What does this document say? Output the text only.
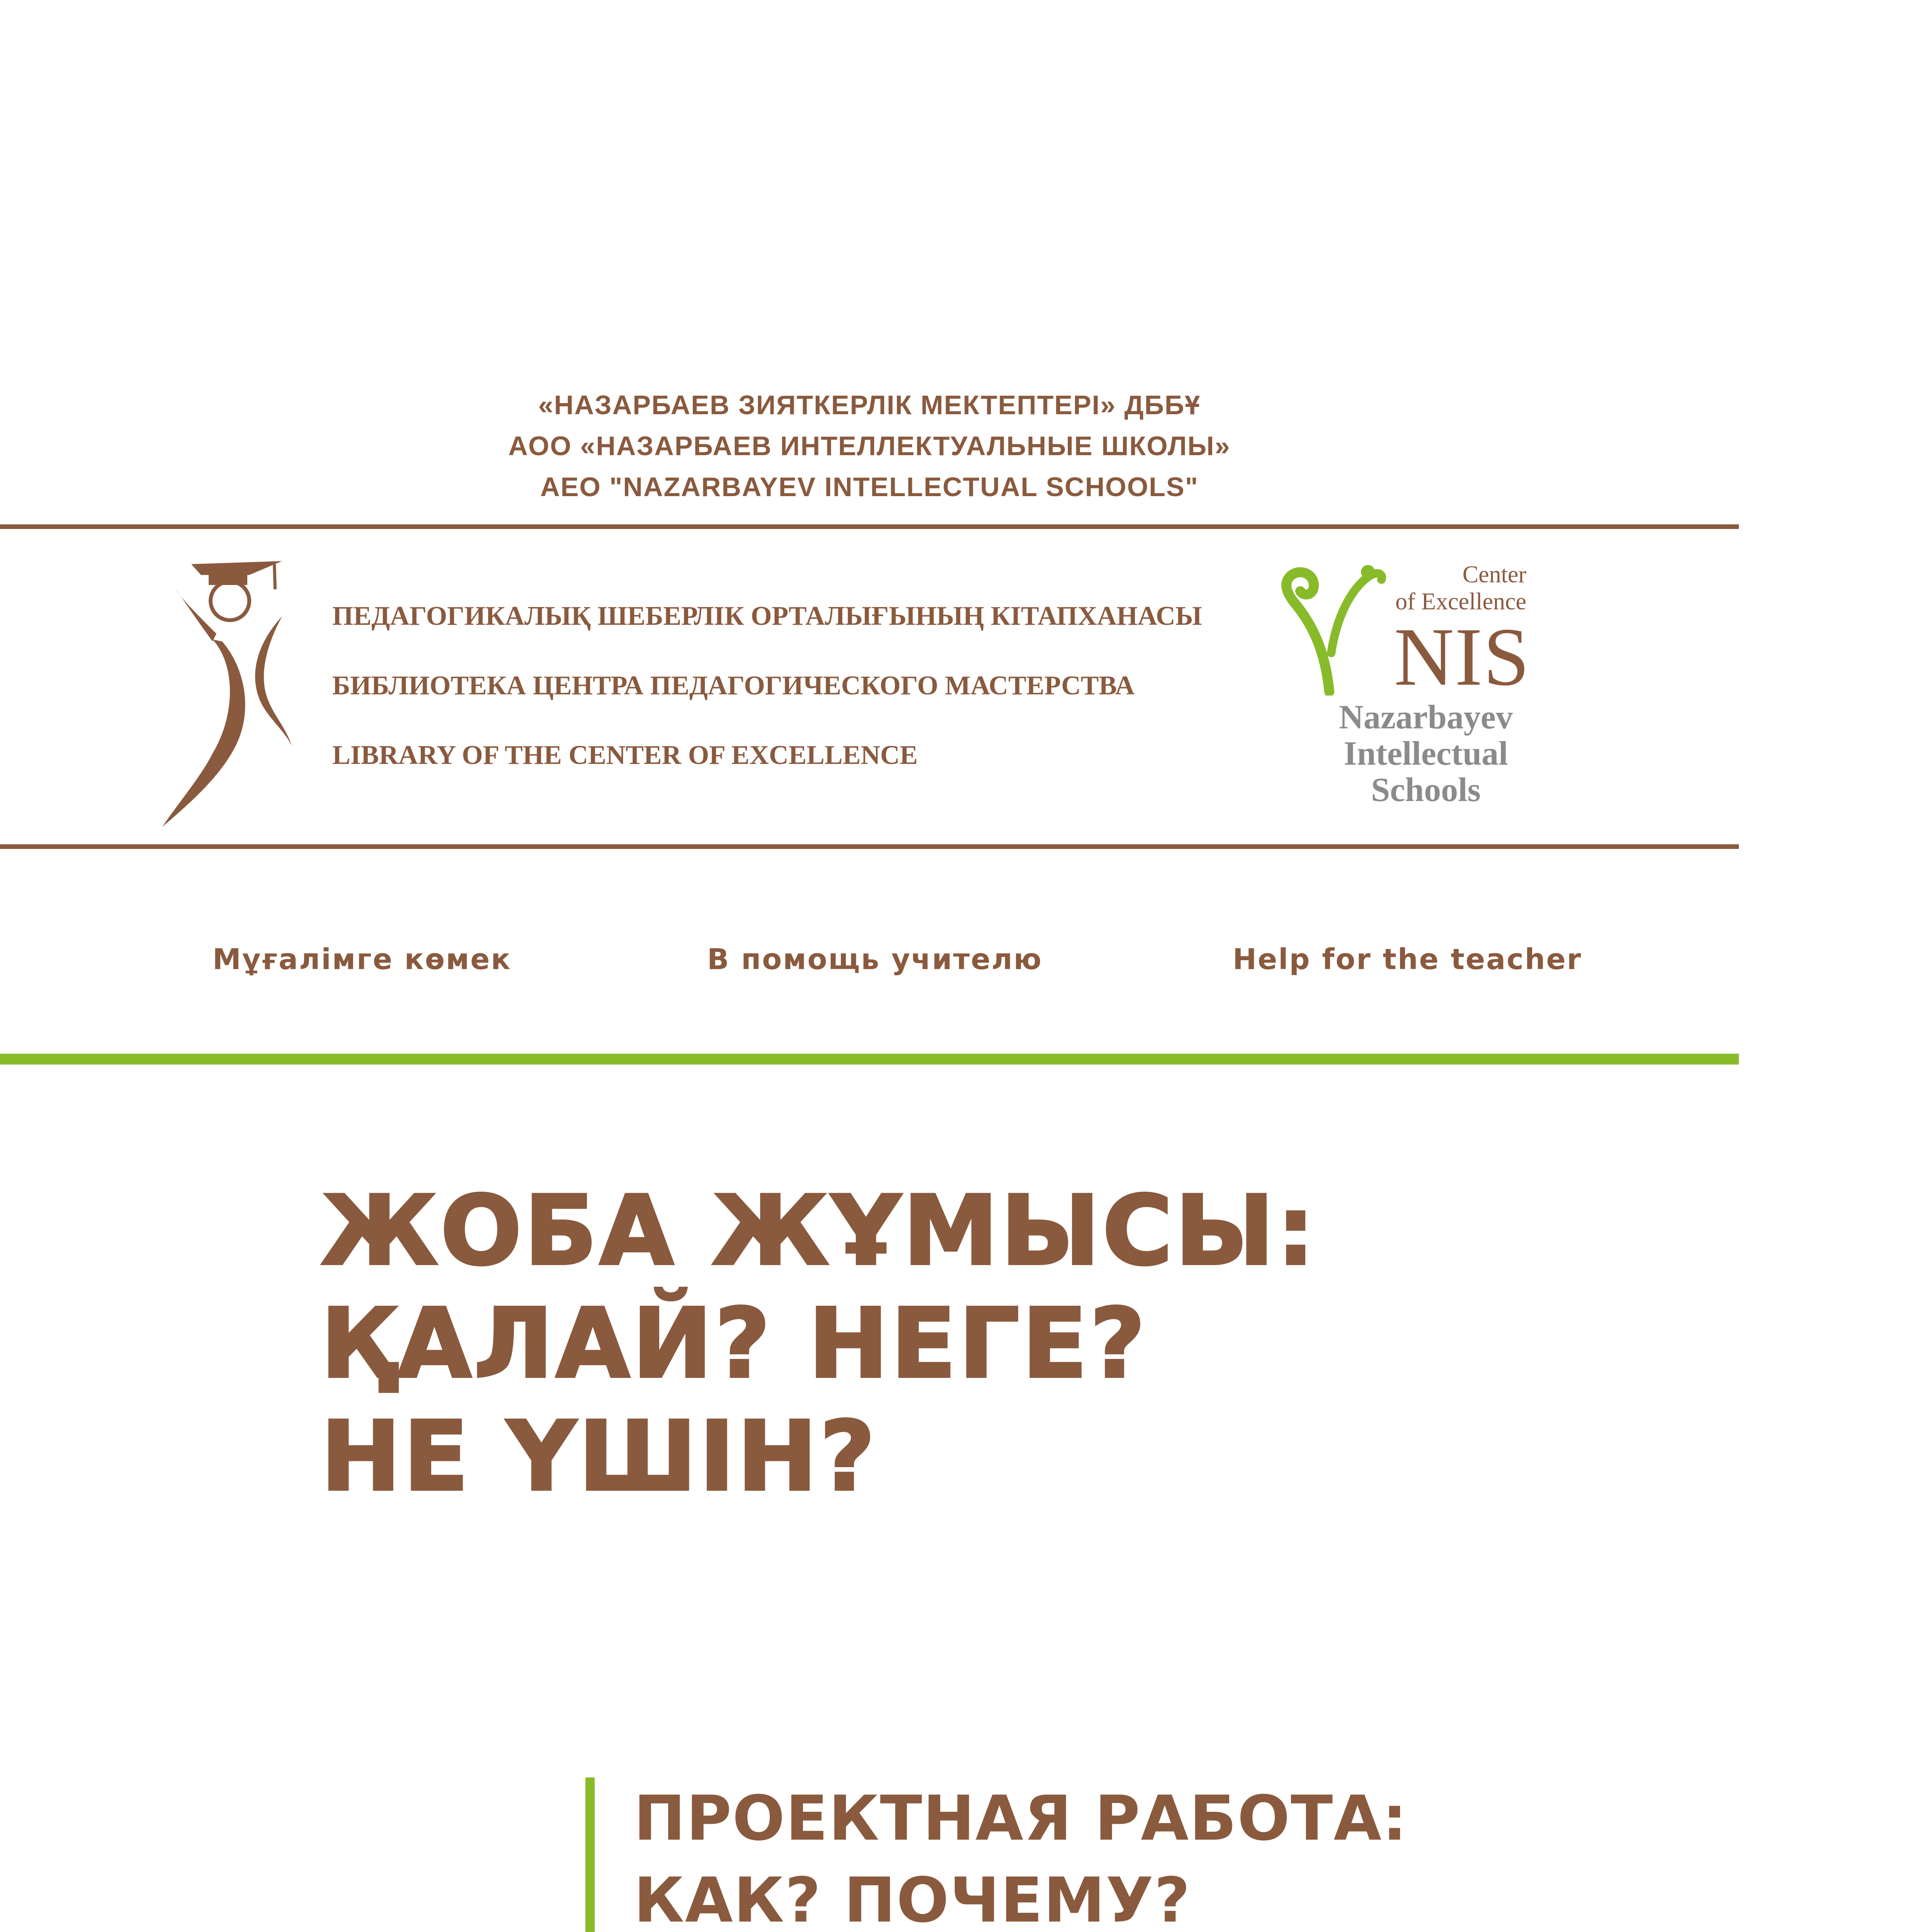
«НАЗАРБАЕВ ЗИЯТКЕРЛІК МЕКТЕПТЕРІ» ДББҰ
АОО «НАЗАРБАЕВ ИНТЕЛЛЕКТУАЛЬНЫЕ ШКОЛЫ»
АЕО "NAZARBAYEV INTELLECTUAL SCHOOLS"
ПЕДАГОГИКАЛЫҚ ШЕБЕРЛІК ОРТАЛЫҒЫНЫҢ КІТАПХАНАСЫ
БИБЛИОТЕКА ЦЕНТРА ПЕДАГОГИЧЕСКОГО МАСТЕРСТВА
LIBRARY OF THE CENTER OF EXCELLENCE
Center
of Excellence
NIS
Nazarbayev
Intellectual
Schools
Мұғалімге көмек	В помощь учителю	Help for the teacher
ЖОБА ЖҰМЫСЫ:
ҚАЛАЙ? НЕГЕ?
НЕ ҮШІН?
ПРОЕКТНАЯ РАБОТА:
КАК? ПОЧЕМУ?
